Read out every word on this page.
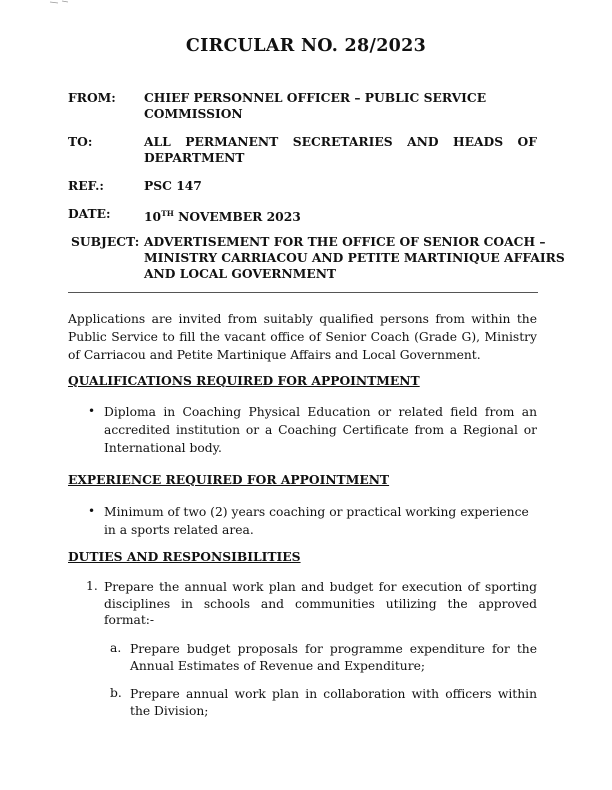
CIRCULAR NO. 28/2023
FROM: CHIEF PERSONNEL OFFICER – PUBLIC SERVICE
COMMISSION
TO:	ALL PERMANENT SECRETARIES AND HEADS OF
DEPARTMENT
REF.:	PSC 147
DATE:	10TH NOVEMBER 2023
SUBJECT: ADVERTISEMENT FOR THE OFFICE OF SENIOR COACH –
MINISTRY CARRIACOU AND PETITE MARTINIQUE AFFAIRS
AND LOCAL GOVERNMENT
Applications are invited from suitably qualified persons from within the
Public Service to fill the vacant office of Senior Coach (Grade G), Ministry
of Carriacou and Petite Martinique Affairs and Local Government.
QUALIFICATIONS REQUIRED FOR APPOINTMENT
• Diploma in Coaching Physical Education or related field from an
accredited institution or a Coaching Certificate from a Regional or
International body.
EXPERIENCE REQUIRED FOR APPOINTMENT
• Minimum of two (2) years coaching or practical working experience
in a sports related area.
DUTIES AND RESPONSIBILITIES
1. Prepare the annual work plan and budget for execution of sporting
disciplines in schools and communities utilizing the approved
format:-
a. Prepare budget proposals for programme expenditure for the
Annual Estimates of Revenue and Expenditure;
b. Prepare annual work plan in collaboration with officers within
the Division;
